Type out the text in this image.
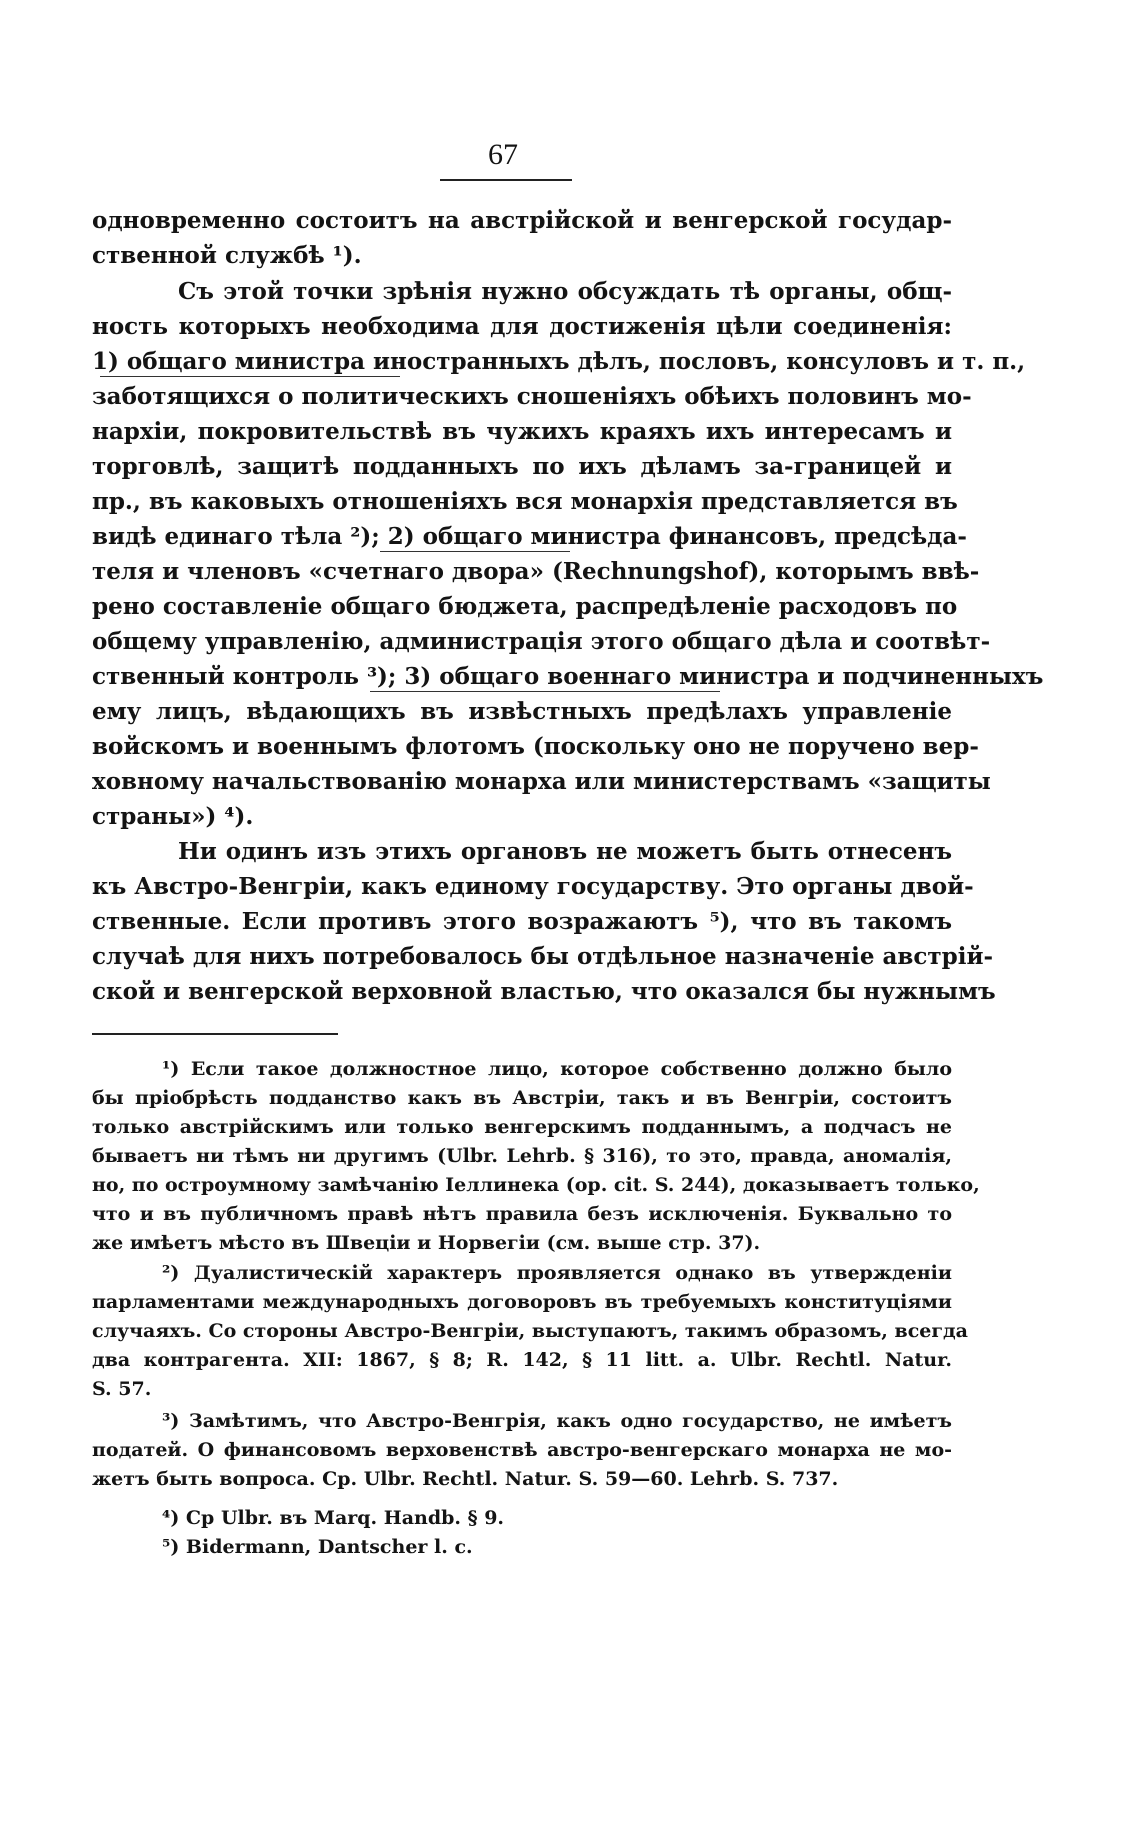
67
одновременно состоитъ на австрійской и венгерской государ-
ственной службѣ ¹).
Съ этой точки зрѣнія нужно обсуждать тѣ органы, общ-
ность которыхъ необходима для достиженія цѣли соединенія:
1) общаго министра иностранныхъ дѣлъ, пословъ, консуловъ и т. п.,
заботящихся о политическихъ сношеніяхъ обѣихъ половинъ мо-
нархіи, покровительствѣ въ чужихъ краяхъ ихъ интересамъ и
торговлѣ, защитѣ подданныхъ по ихъ дѣламъ за-границей и
пр., въ каковыхъ отношеніяхъ вся монархія представляется въ
видѣ единаго тѣла ²); 2) общаго министра финансовъ, предсѣда-
теля и членовъ «счетнаго двора» (Rechnungshof), которымъ ввѣ-
рено составленіе общаго бюджета, распредѣленіе расходовъ по
общему управленію, администрація этого общаго дѣла и соотвѣт-
ственный контроль ³); 3) общаго военнаго министра и подчиненныхъ
ему лицъ, вѣдающихъ въ извѣстныхъ предѣлахъ управленіе
войскомъ и военнымъ флотомъ (поскольку оно не поручено вер-
ховному начальствованію монарха или министерствамъ «защиты
страны») ⁴).
Ни одинъ изъ этихъ органовъ не можетъ быть отнесенъ
къ Австро-Венгріи, какъ единому государству. Это органы двой-
ственные. Если противъ этого возражаютъ ⁵), что въ такомъ
случаѣ для нихъ потребовалось бы отдѣльное назначеніе австрій-
ской и венгерской верховной властью, что оказался бы нужнымъ
¹) Если такое должностное лицо, которое собственно должно было
бы пріобрѣсть подданство какъ въ Австріи, такъ и въ Венгріи, состоитъ
только австрійскимъ или только венгерскимъ подданнымъ, а подчасъ не
бываетъ ни тѣмъ ни другимъ (Ulbr. Lehrb. § 316), то это, правда, аномалія,
но, по остроумному замѣчанію Іеллинека (op. cit. S. 244), доказываетъ только,
что и въ публичномъ правѣ нѣтъ правила безъ исключенія. Буквально то
же имѣетъ мѣсто въ Швеціи и Норвегіи (см. выше стр. 37).
²) Дуалистическій характеръ проявляется однако въ утвержденіи
парламентами международныхъ договоровъ въ требуемыхъ конституціями
случаяхъ. Со стороны Австро-Венгріи, выступаютъ, такимъ образомъ, всегда
два контрагента. XII: 1867, § 8; R. 142, § 11 litt. a. Ulbr. Rechtl. Natur.
S. 57.
³) Замѣтимъ, что Австро-Венгрія, какъ одно государство, не имѣетъ
податей. О финансовомъ верховенствѣ австро-венгерскаго монарха не мо-
жетъ быть вопроса. Ср. Ulbr. Rechtl. Natur. S. 59—60. Lehrb. S. 737.
⁴) Ср Ulbr. въ Marq. Handb. § 9.
⁵) Bidermann, Dantscher l. c.
